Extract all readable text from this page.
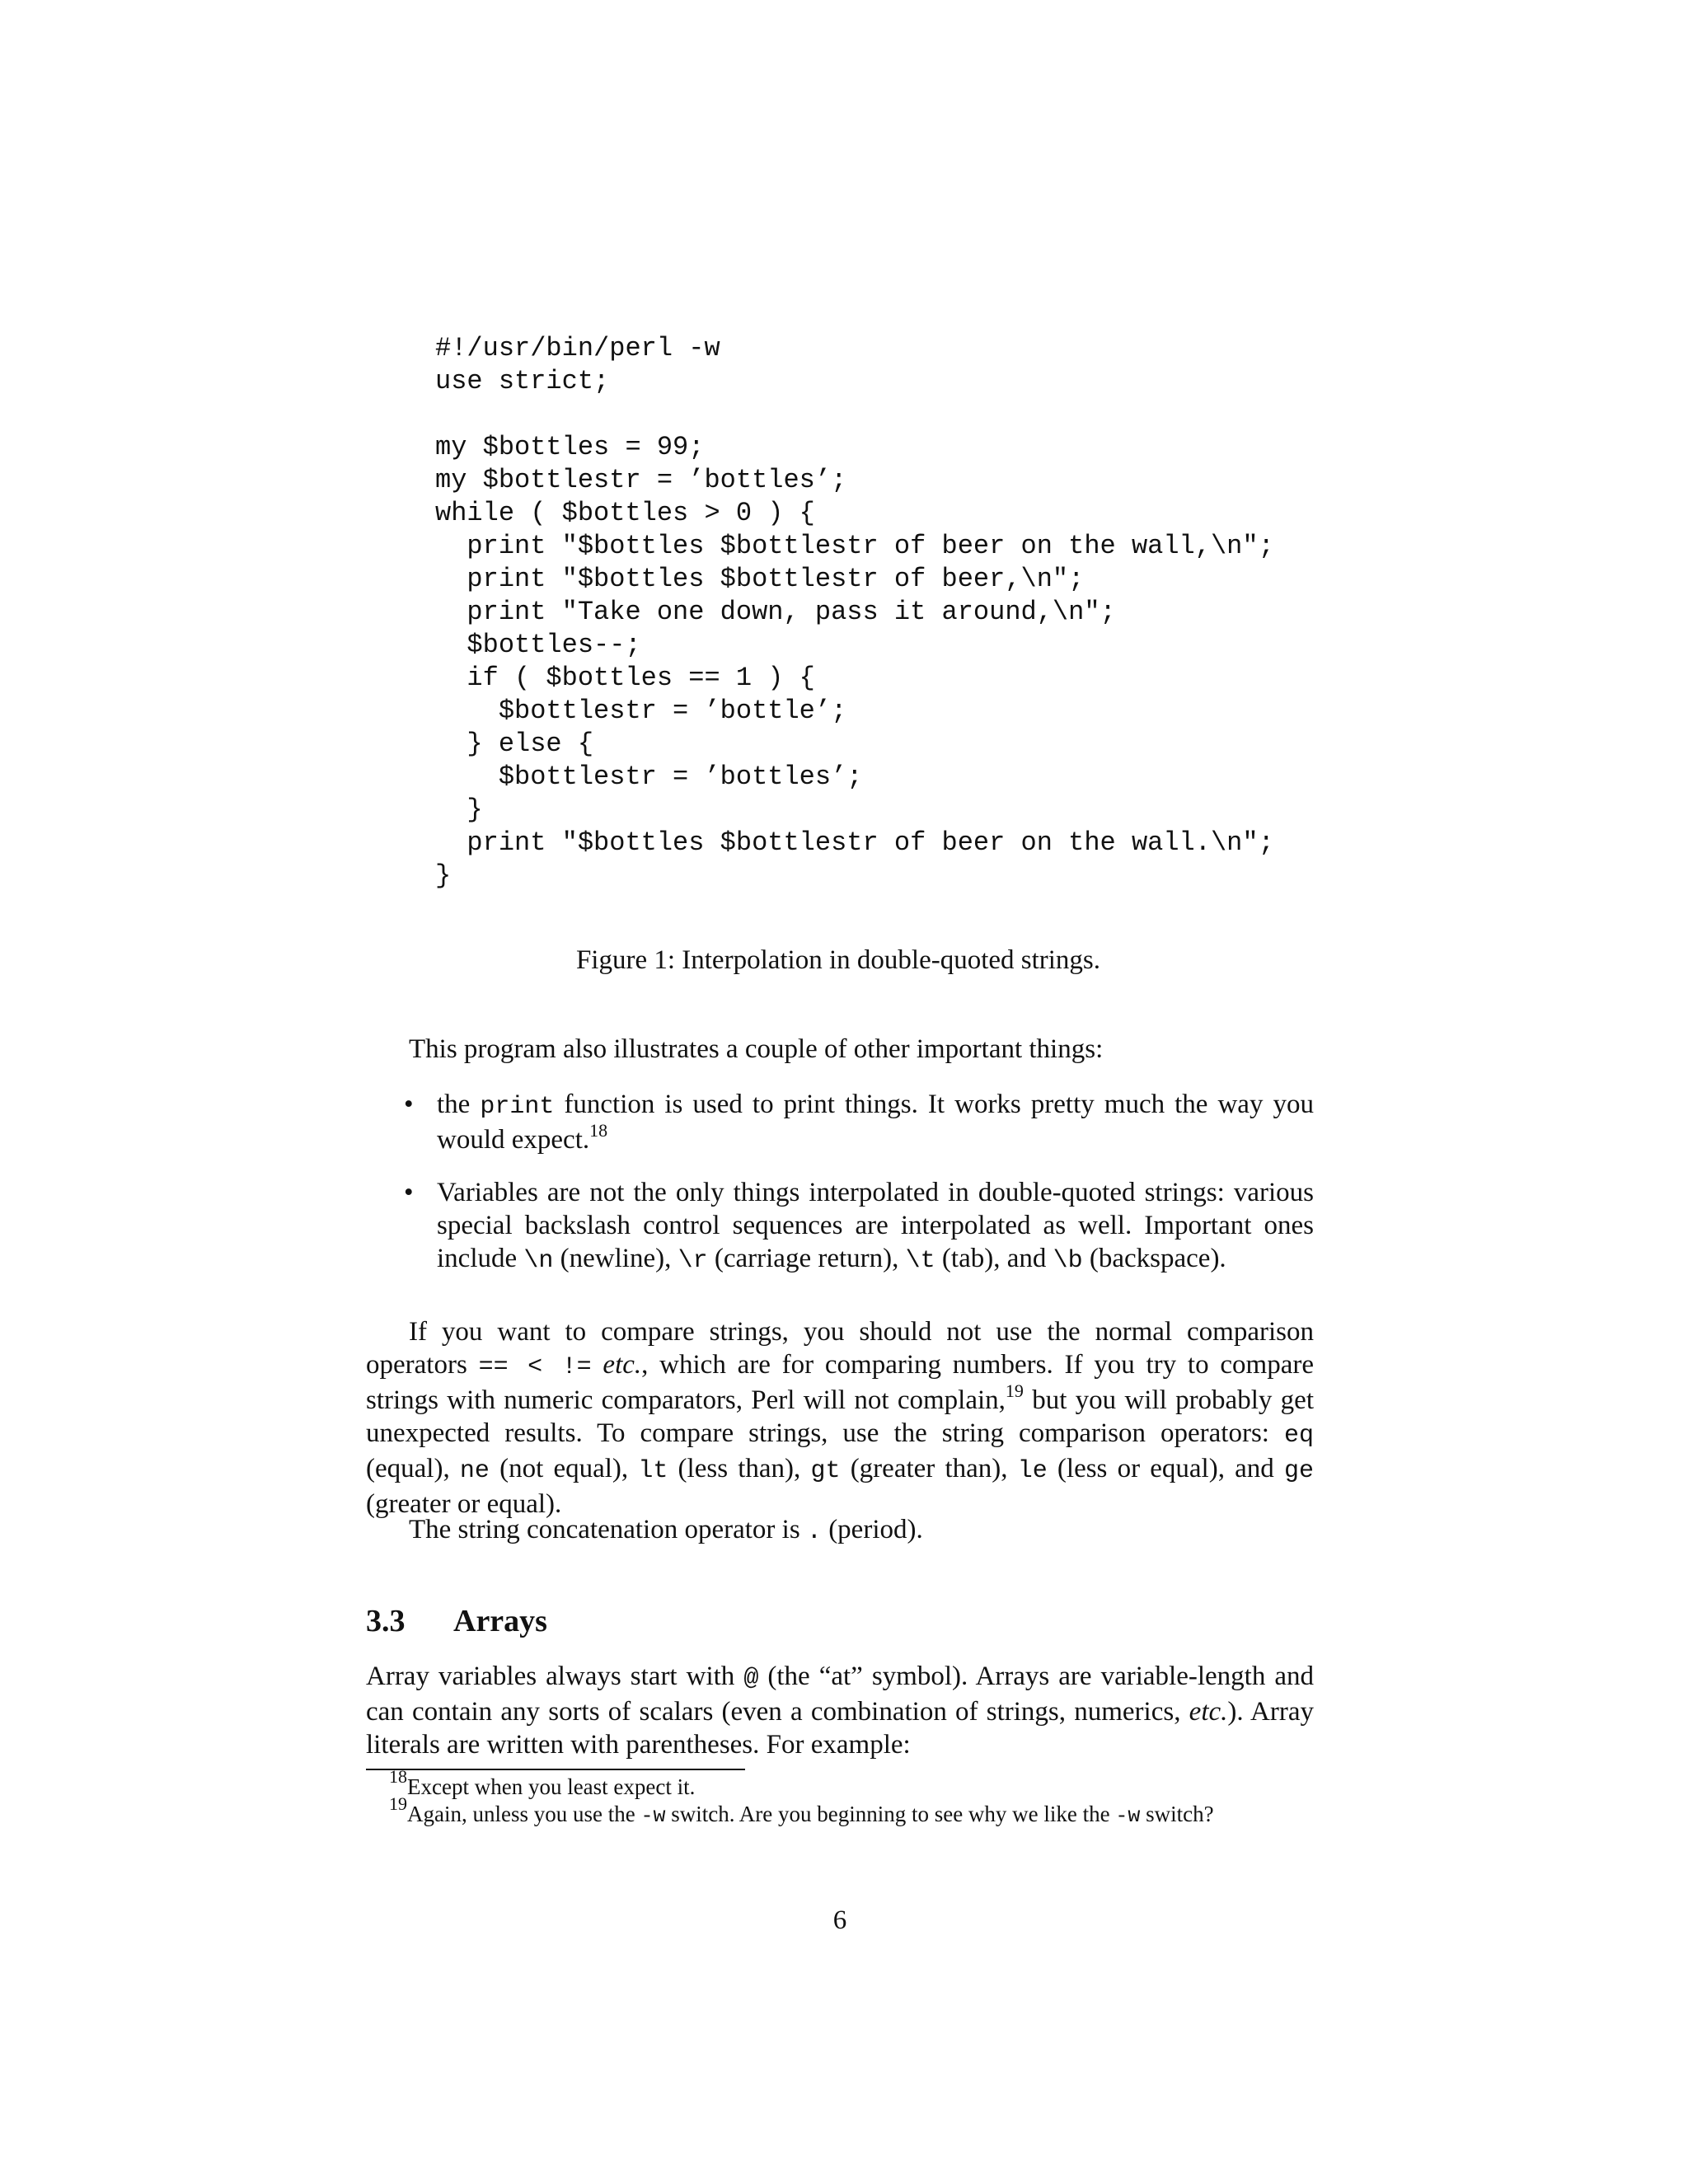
#!/usr/bin/perl -w
use strict;
my $bottles = 99;
my $bottlestr = ’bottles’;
while ( $bottles > 0 ) {
print "$bottles $bottlestr of beer on the wall,\n";
print "$bottles $bottlestr of beer,\n";
print "Take one down, pass it around,\n";
$bottles--;
if ( $bottles == 1 ) {
$bottlestr = ’bottle’;
} else {
$bottlestr = ’bottles’;
}
print "$bottles $bottlestr of beer on the wall.\n";
}
Figure 1: Interpolation in double-quoted strings.
This program also illustrates a couple of other important things:
• the print function is used to print things. It works pretty much the way you would expect.$^{18}$
• Variables are not the only things interpolated in double-quoted strings: various special backslash control sequences are interpolated as well. Important ones include \n (newline), \r (carriage return), \t (tab), and \b (backspace).
If you want to compare strings, you should not use the normal comparison operators == < != etc., which are for comparing numbers. If you try to compare strings with numeric comparators, Perl will not complain,$^{19}$ but you will probably get unexpected results. To compare strings, use the string comparison operators: eq (equal), ne (not equal), lt (less than), gt (greater than), le (less or equal), and ge (greater or equal).
The string concatenation operator is . (period).
3.3 Arrays
Array variables always start with @ (the “at” symbol). Arrays are variable-length and can contain any sorts of scalars (even a combination of strings, numerics, etc.). Array literals are written with parentheses. For example:
$^{18}$Except when you least expect it.
$^{19}$Again, unless you use the -w switch. Are you beginning to see why we like the -w switch?
6
